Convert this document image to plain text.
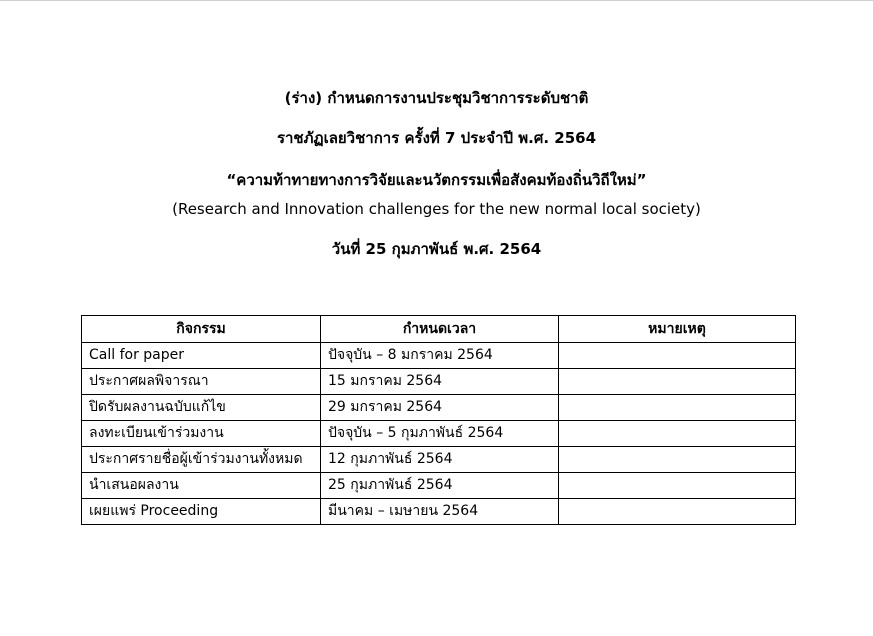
(ร่าง) กำหนดการงานประชุมวิชาการระดับชาติ
ราชภัฏเลยวิชาการ ครั้งที่ 7 ประจำปี พ.ศ. 2564
“ความท้าทายทางการวิจัยและนวัตกรรมเพื่อสังคมท้องถิ่นวิถีใหม่”
(Research and Innovation challenges for the new normal local society)
วันที่ 25 กุมภาพันธ์ พ.ศ. 2564
กิจกรรม	กำหนดเวลา	หมายเหตุ
Call for paper	ปัจจุบัน – 8 มกราคม 2564	
ประกาศผลพิจารณา	15 มกราคม 2564	
ปิดรับผลงานฉบับแก้ไข	29 มกราคม 2564	
ลงทะเบียนเข้าร่วมงาน	ปัจจุบัน – 5 กุมภาพันธ์ 2564	
ประกาศรายชื่อผู้เข้าร่วมงานทั้งหมด	12 กุมภาพันธ์ 2564	
นำเสนอผลงาน	25 กุมภาพันธ์ 2564	
เผยแพร่ Proceeding	มีนาคม – เมษายน 2564	
